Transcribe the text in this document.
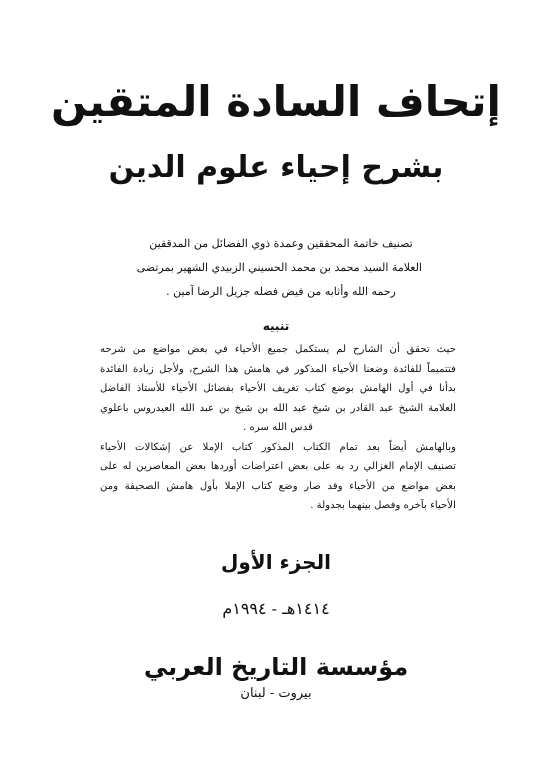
إتحاف السادة المتقين
بشرح إحياء علوم الدين
تصنيف خاتمة المحققين وعمدة ذوي الفضائل من المدققين
العلامة السيد محمد بن محمد الحسيني الزبيدي الشهير بمرتضى
رحمه الله وأثابه من فيض فضله جزيل الرضا آمين .
تنبيه
حيث تحقق أن الشارح لم يستكمل جميع الأحياء في بعض مواضع من شرحه
فتتميماً للفائدة وضعنا الأحياء المذكور في هامش هذا الشرح، ولأجل زيادة الفائدة
بدأنا في أول الهامش بوضع كتاب تعريف الأحياء بفضائل الأحياء للأستاذ الفاضل
العلامة الشيخ عبد القادر بن شيخ عبد الله بن شيخ بن عبد الله العيدروس باعلوي
قدس الله سره .
وبالهامش أيضاً بعد تمام الكتاب المذكور كتاب الإملا عن إشكالات الأحياء
تصنيف الإمام الغزالي رد به على بعض اعتراضات أوردها بعض المعاصرين له على
بعض مواضع من الأحياء وقد صار وضع كتاب الإملا بأول هامش الصحيفة ومن
الأحياء بآخره وفصل بينهما بجدولة .
الجزء الأول
١٤١٤هـ - ١٩٩٤م
مؤسسة التاريخ العربي
بيروت - لبنان
